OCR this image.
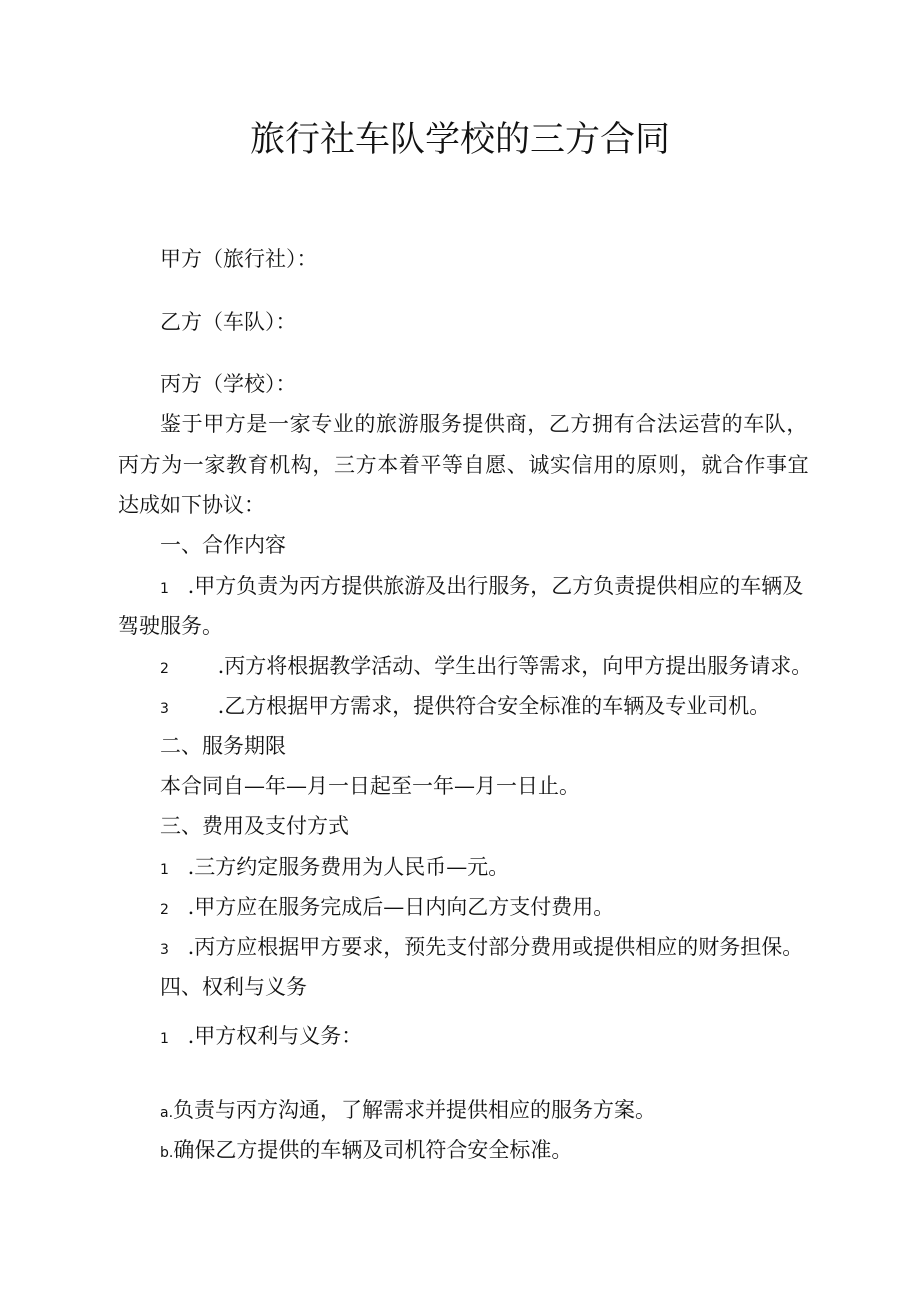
旅行社车队学校的三方合同
甲方（旅行社）：
乙方（车队）：
丙方（学校）：
鉴于甲方是一家专业的旅游服务提供商，乙方拥有合法运营的车队，
丙方为一家教育机构，三方本着平等自愿、诚实信用的原则，就合作事宜
达成如下协议：
一、合作内容
1 .甲方负责为丙方提供旅游及出行服务，乙方负责提供相应的车辆及
驾驶服务。
2 .丙方将根据教学活动、学生出行等需求，向甲方提出服务请求。
3 .乙方根据甲方需求，提供符合安全标准的车辆及专业司机。
二、服务期限
本合同自—年—月一日起至一年—月一日止。
三、费用及支付方式
1 .三方约定服务费用为人民币—元。
2 .甲方应在服务完成后—日内向乙方支付费用。
3 .丙方应根据甲方要求，预先支付部分费用或提供相应的财务担保。
四、权利与义务
1 .甲方权利与义务：
a.负责与丙方沟通，了解需求并提供相应的服务方案。
b.确保乙方提供的车辆及司机符合安全标准。
